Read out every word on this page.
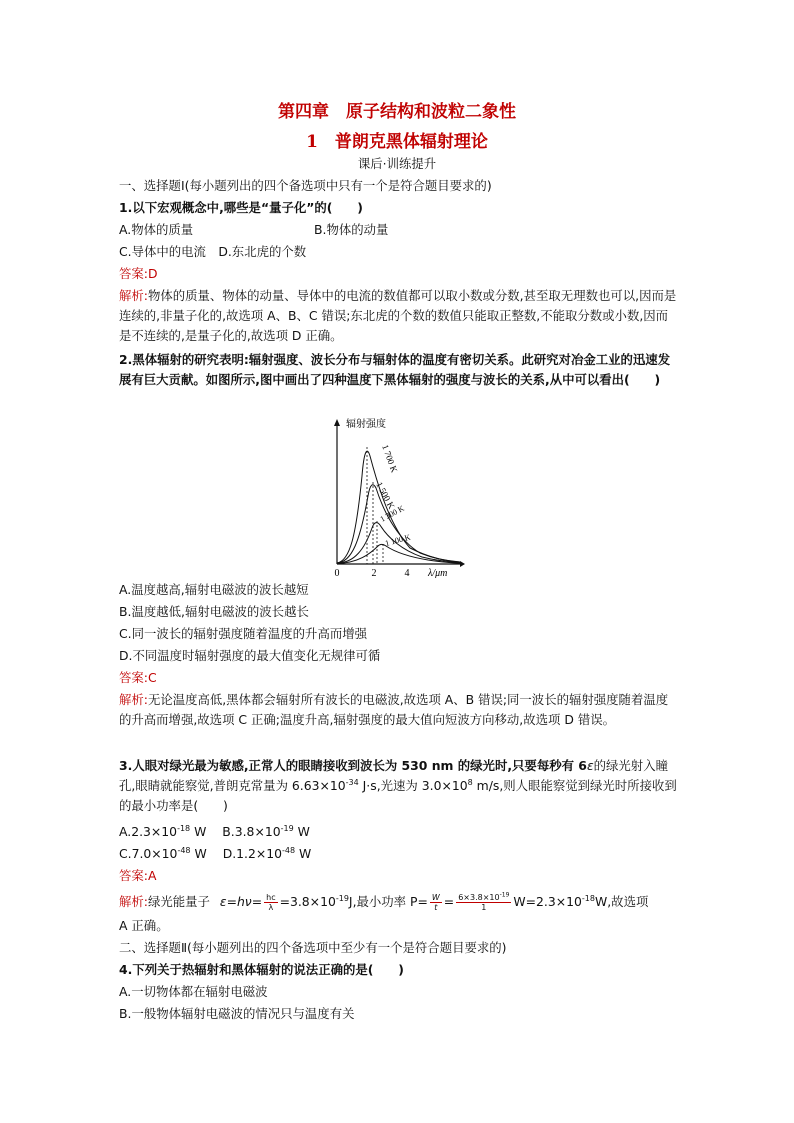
第四章　原子结构和波粒二象性
1　普朗克黑体辐射理论
课后·训练提升
一、选择题Ⅰ(每小题列出的四个备选项中只有一个是符合题目要求的)
1.以下宏观概念中,哪些是“量子化”的(　　)
A.物体的质量	B.物体的动量
C.导体中的电流　D.东北虎的个数
答案:D
解析:物体的质量、物体的动量、导体中的电流的数值都可以取小数或分数,甚至取无理数也可以,因而是连续的,非量子化的,故选项 A、B、C 错误;东北虎的个数的数值只能取正整数,不能取分数或小数,因而是不连续的,是量子化的,故选项 D 正确。
2.黑体辐射的研究表明:辐射强度、波长分布与辐射体的温度有密切关系。此研究对冶金工业的迅速发展有巨大贡献。如图所示,图中画出了四种温度下黑体辐射的强度与波长的关系,从中可以看出(　　)
辐射强度
0	2	4 λ/μm
1 700 K
1 500 K
1 300 K
1 100 K
A.温度越高,辐射电磁波的波长越短
B.温度越低,辐射电磁波的波长越长
C.同一波长的辐射强度随着温度的升高而增强
D.不同温度时辐射强度的最大值变化无规律可循
答案:C
解析:无论温度高低,黑体都会辐射所有波长的电磁波,故选项 A、B 错误;同一波长的辐射强度随着温度的升高而增强,故选项 C 正确;温度升高,辐射强度的最大值向短波方向移动,故选项 D 错误。
3.人眼对绿光最为敏感,正常人的眼睛接收到波长为 530 nm 的绿光时,只要每秒有 6ε的绿光射入瞳孔,眼睛就能察觉,普朗克常量为 $6.63\times 10^{-34}$ J·s,光速为 $3.0\times 10^8$ m/s,则人眼能察觉到绿光时所接收到的最小功率是(　　)
$A.2.3\times 10^{-18}$ W $B.3.8\times 10^{-19}$ W
$C.7.0\times 10^{-48}$ W $D.1.2\times 10^{-48}$ W
答案:A
解析:绿光能量子 $\varepsilon=h\nu= \frac{hc}{\lambda} =3.8\times 10^{-19}J$,最小功率 $P= \frac{W}{t} = \frac{6\times 3.8\times 10^{-19}}{1} W=2.3\times 10^{-18}W$,故选项
A 正确。
二、选择题Ⅱ(每小题列出的四个备选项中至少有一个是符合题目要求的)
4.下列关于热辐射和黑体辐射的说法正确的是(　　)
A.一切物体都在辐射电磁波
B.一般物体辐射电磁波的情况只与温度有关
